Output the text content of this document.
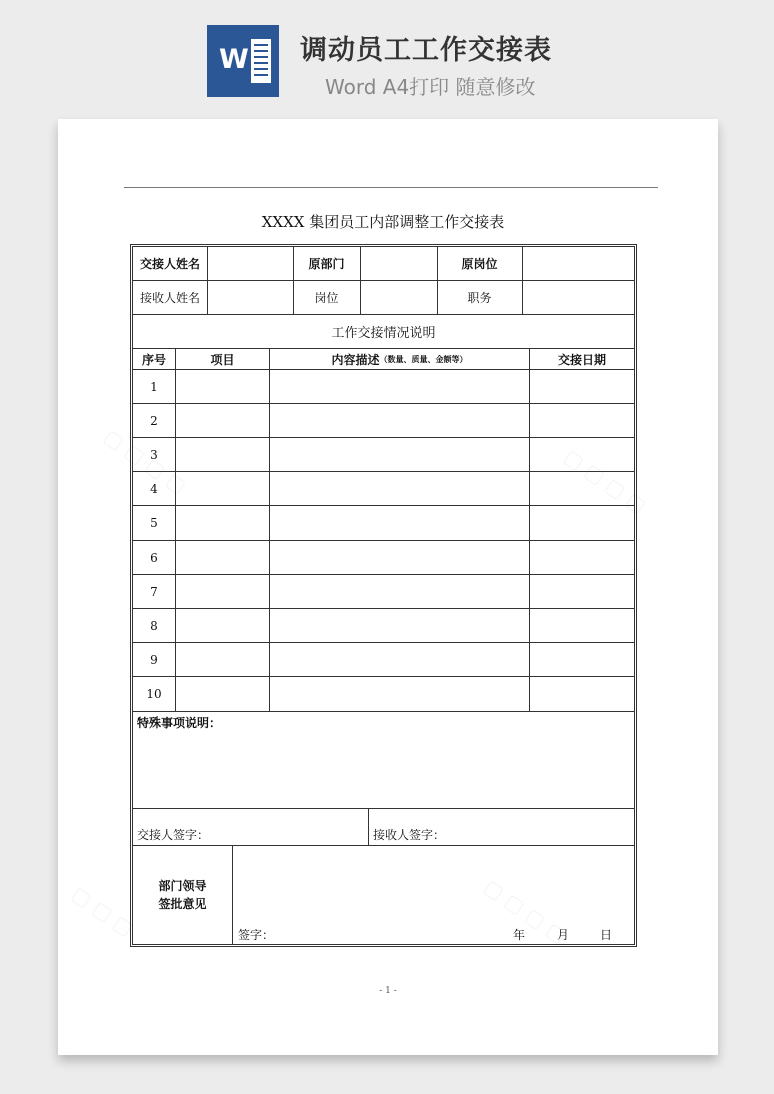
W 调动员工工作交接表
Word A4打印 随意修改
XXXX 集团员工内部调整工作交接表
交接人姓名	原部门	原岗位
接收人姓名	岗位	职务
工作交接情况说明
序号	项目	内容描述 （数量、质量、金额等）	交接日期
1
2
3
4
5
6
7
8
9
10
特殊事项说明：
交接人签字：	接收人签字：
部门领导
签批意见
签字：	年	月	日
- 1 -
